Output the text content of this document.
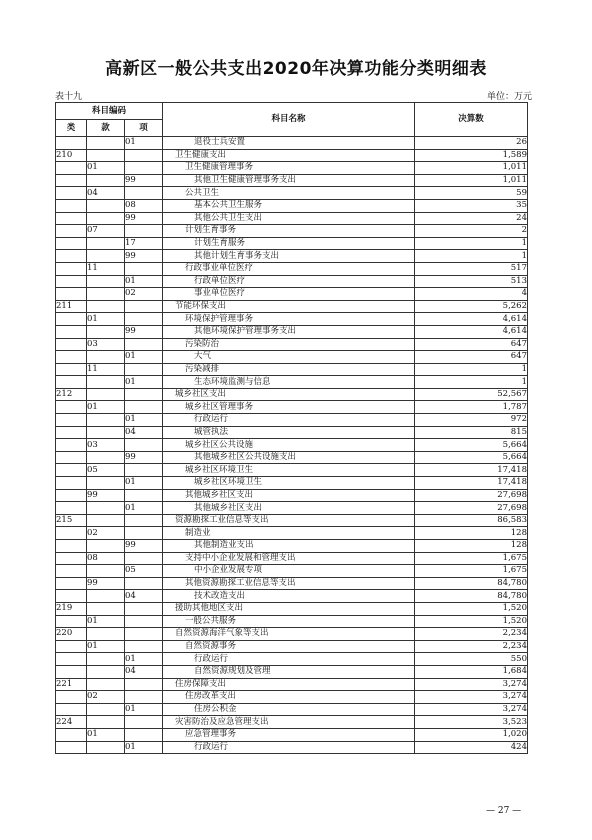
高新区一般公共支出2020年决算功能分类明细表
表十九	单位：万元
科目编码			科目名称	决算数
类	款	项		
		01	退役士兵安置	26
210			卫生健康支出	1,589
	01		卫生健康管理事务	1,011
		99	其他卫生健康管理事务支出	1,011
	04		公共卫生	59
		08	基本公共卫生服务	35
		99	其他公共卫生支出	24
	07		计划生育事务	2
		17	计划生育服务	1
		99	其他计划生育事务支出	1
	11		行政事业单位医疗	517
		01	行政单位医疗	513
		02	事业单位医疗	4
211			节能环保支出	5,262
	01		环境保护管理事务	4,614
		99	其他环境保护管理事务支出	4,614
	03		污染防治	647
		01	大气	647
	11		污染减排	1
		01	生态环境监测与信息	1
212			城乡社区支出	52,567
	01		城乡社区管理事务	1,787
		01	行政运行	972
		04	城管执法	815
	03		城乡社区公共设施	5,664
		99	其他城乡社区公共设施支出	5,664
	05		城乡社区环境卫生	17,418
		01	城乡社区环境卫生	17,418
	99		其他城乡社区支出	27,698
		01	其他城乡社区支出	27,698
215			资源勘探工业信息等支出	86,583
	02		制造业	128
		99	其他制造业支出	128
	08		支持中小企业发展和管理支出	1,675
		05	中小企业发展专项	1,675
	99		其他资源勘探工业信息等支出	84,780
		04	技术改造支出	84,780
219			援助其他地区支出	1,520
	01		一般公共服务	1,520
220			自然资源海洋气象等支出	2,234
	01		自然资源事务	2,234
		01	行政运行	550
		04	自然资源规划及管理	1,684
221			住房保障支出	3,274
	02		住房改革支出	3,274
		01	住房公积金	3,274
224			灾害防治及应急管理支出	3,523
	01		应急管理事务	1,020
		01	行政运行	424
— 27 —
